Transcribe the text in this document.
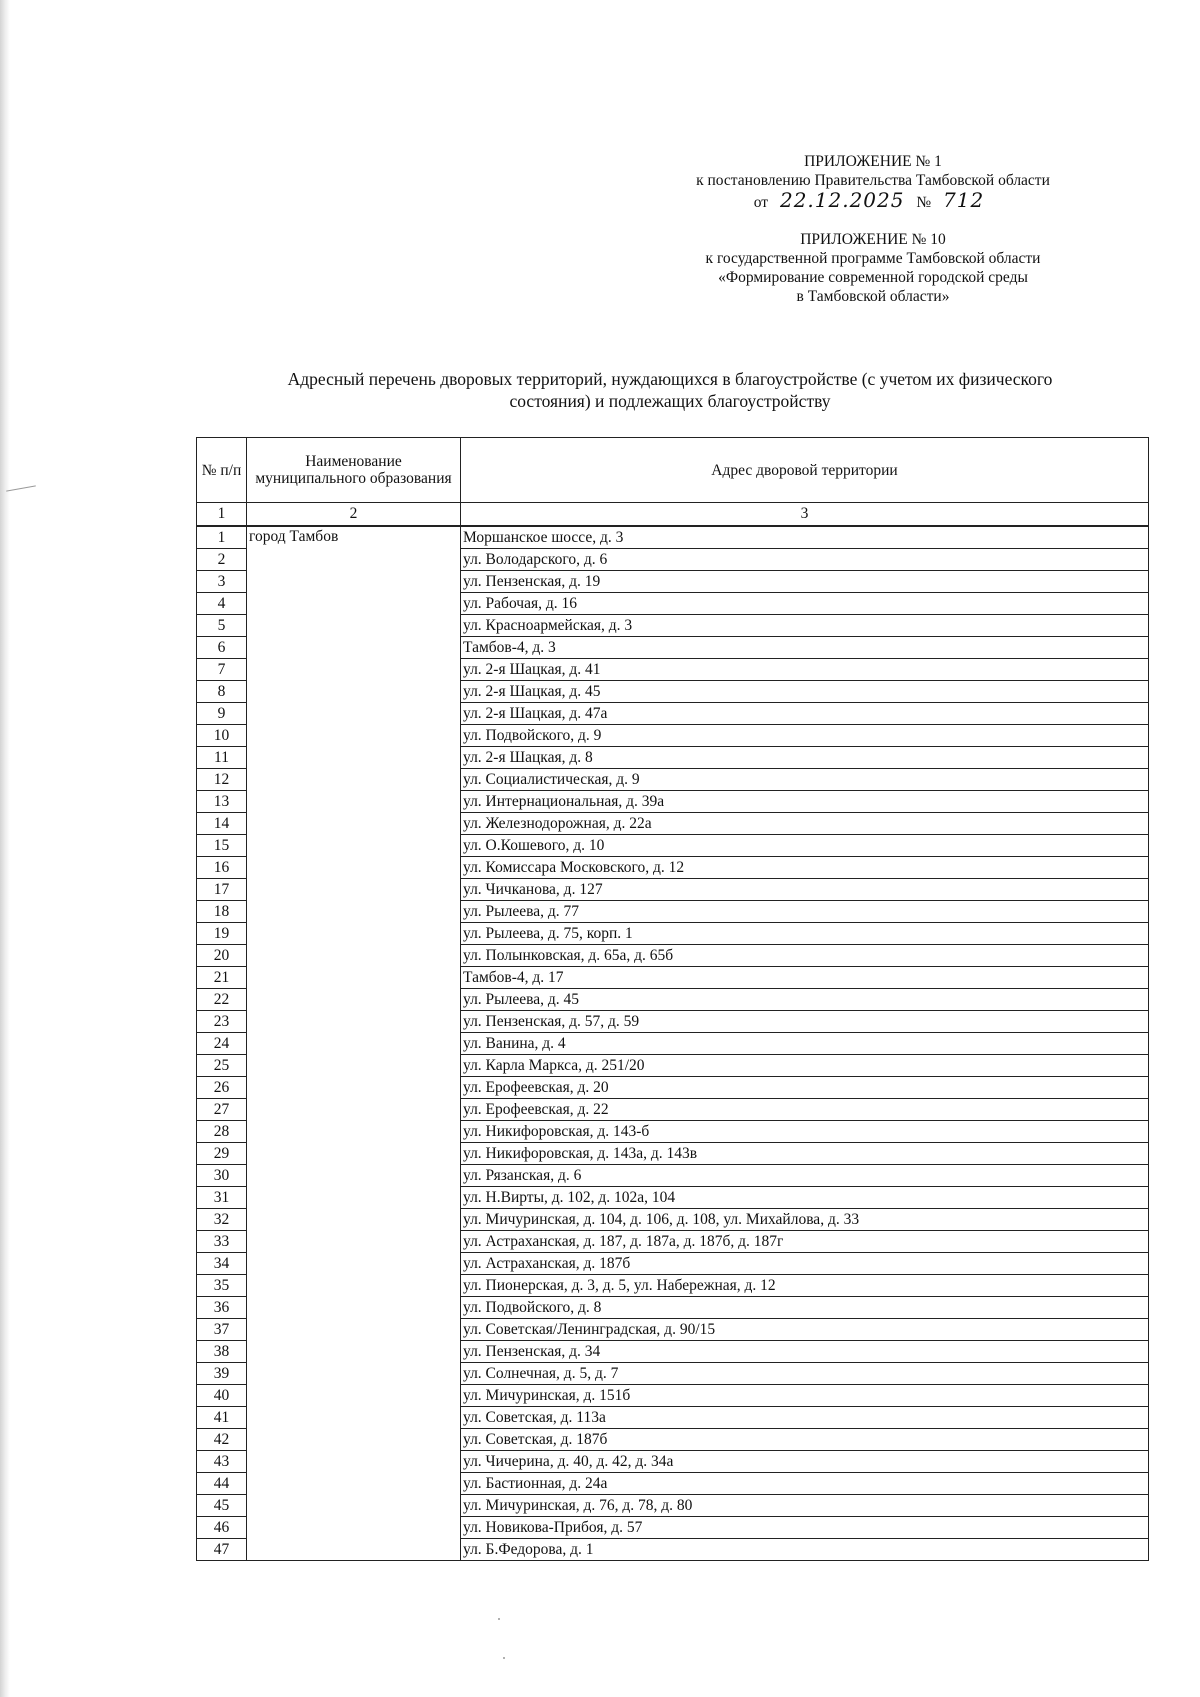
ПРИЛОЖЕНИЕ № 1
к постановлению Правительства Тамбовской области
от 22.12.2025 № 712
ПРИЛОЖЕНИЕ № 10
к государственной программе Тамбовской области
«Формирование современной городской среды
в Тамбовской области»
Адресный перечень дворовых территорий, нуждающихся в благоустройстве (с учетом их физического
состояния) и подлежащих благоустройству
№ п/п	Наименование муниципального образования	Адрес дворовой территории
1	2	3
1	город Тамбов	Моршанское шоссе, д. 3
2		ул. Володарского, д. 6
3		ул. Пензенская, д. 19
4		ул. Рабочая, д. 16
5		ул. Красноармейская, д. 3
6		Тамбов-4, д. 3
7		ул. 2-я Шацкая, д. 41
8		ул. 2-я Шацкая, д. 45
9		ул. 2-я Шацкая, д. 47а
10		ул. Подвойского, д. 9
11		ул. 2-я Шацкая, д. 8
12		ул. Социалистическая, д. 9
13		ул. Интернациональная, д. 39а
14		ул. Железнодорожная, д. 22а
15		ул. О.Кошевого, д. 10
16		ул. Комиссара Московского, д. 12
17		ул. Чичканова, д. 127
18		ул. Рылеева, д. 77
19		ул. Рылеева, д. 75, корп. 1
20		ул. Полынковская, д. 65а, д. 65б
21		Тамбов-4, д. 17
22		ул. Рылеева, д. 45
23		ул. Пензенская, д. 57, д. 59
24		ул. Ванина, д. 4
25		ул. Карла Маркса, д. 251/20
26		ул. Ерофеевская, д. 20
27		ул. Ерофеевская, д. 22
28		ул. Никифоровская, д. 143-б
29		ул. Никифоровская, д. 143а, д. 143в
30		ул. Рязанская, д. 6
31		ул. Н.Вирты, д. 102, д. 102а, 104
32		ул. Мичуринская, д. 104, д. 106, д. 108, ул. Михайлова, д. 33
33		ул. Астраханская, д. 187, д. 187а, д. 187б, д. 187г
34		ул. Астраханская, д. 187б
35		ул. Пионерская, д. 3, д. 5, ул. Набережная, д. 12
36		ул. Подвойского, д. 8
37		ул. Советская/Ленинградская, д. 90/15
38		ул. Пензенская, д. 34
39		ул. Солнечная, д. 5, д. 7
40		ул. Мичуринская, д. 151б
41		ул. Советская, д. 113а
42		ул. Советская, д. 187б
43		ул. Чичерина, д. 40, д. 42, д. 34а
44		ул. Бастионная, д. 24а
45		ул. Мичуринская, д. 76, д. 78, д. 80
46		ул. Новикова-Прибоя, д. 57
47		ул. Б.Федорова, д. 1
